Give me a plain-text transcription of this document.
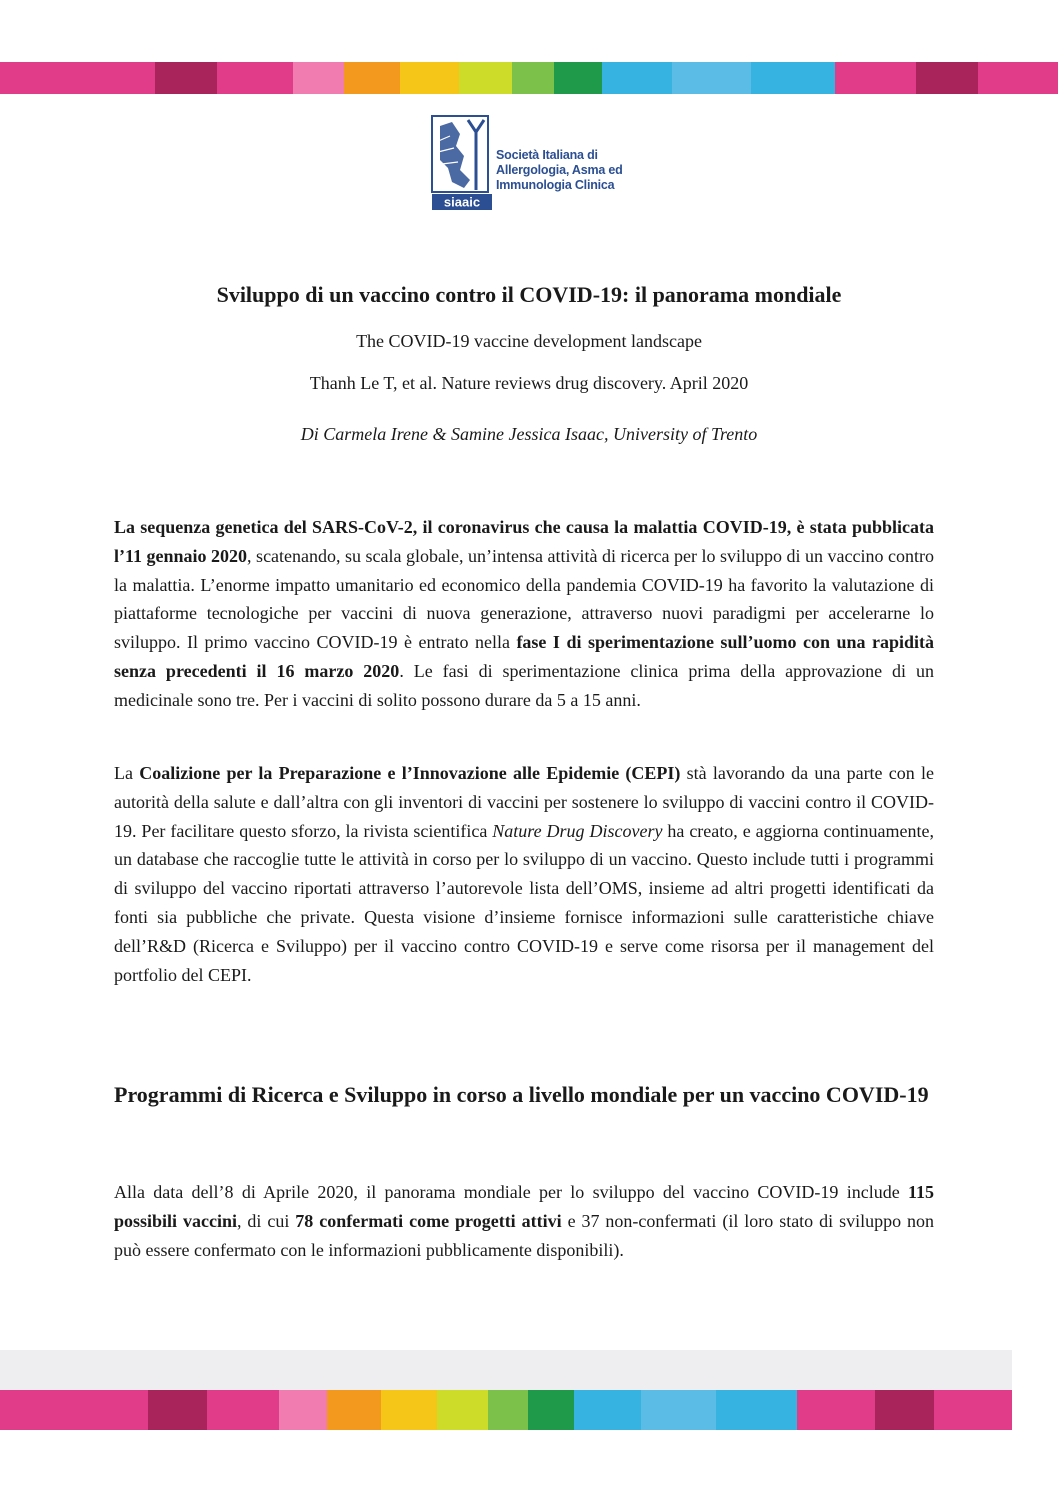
siaaic
Società Italiana di
Allergologia, Asma ed
Immunologia Clinica
Sviluppo di un vaccino contro il COVID-19: il panorama mondiale

The COVID-19 vaccine development landscape

Thanh Le T, et al. Nature reviews drug discovery. April 2020

Di Carmela Irene & Samine Jessica Isaac, University of Trento

La sequenza genetica del SARS-CoV-2, il coronavirus che causa la malattia COVID-19, è stata pubblicata l’11 gennaio 2020, scatenando, su scala globale, un’intensa attività di ricerca per lo sviluppo di un vaccino contro la malattia. L’enorme impatto umanitario ed economico della pandemia COVID-19 ha favorito la valutazione di piattaforme tecnologiche per vaccini di nuova generazione, attraverso nuovi paradigmi per accelerarne lo sviluppo. Il primo vaccino COVID-19 è entrato nella fase I di sperimentazione sull’uomo con una rapidità senza precedenti il 16 marzo 2020. Le fasi di sperimentazione clinica prima della approvazione di un medicinale sono tre. Per i vaccini di solito possono durare da 5 a 15 anni.

La Coalizione per la Preparazione e l’Innovazione alle Epidemie (CEPI) stà lavorando da una parte con le autorità della salute e dall’altra con gli inventori di vaccini per sostenere lo sviluppo di vaccini contro il COVID-19. Per facilitare questo sforzo, la rivista scientifica Nature Drug Discovery ha creato, e aggiorna continuamente, un database che raccoglie tutte le attività in corso per lo sviluppo di un vaccino. Questo include tutti i programmi di sviluppo del vaccino riportati attraverso l’autorevole lista dell’OMS, insieme ad altri progetti identificati da fonti sia pubbliche che private. Questa visione d’insieme fornisce informazioni sulle caratteristiche chiave dell’R&D (Ricerca e Sviluppo) per il vaccino contro COVID-19 e serve come risorsa per il management del portfolio del CEPI.

Programmi di Ricerca e Sviluppo in corso a livello mondiale per un vaccino COVID-19

Alla data dell’8 di Aprile 2020, il panorama mondiale per lo sviluppo del vaccino COVID-19 include 115 possibili vaccini, di cui 78 confermati come progetti attivi e 37 non-confermati (il loro stato di sviluppo non può essere confermato con le informazioni pubblicamente disponibili).
